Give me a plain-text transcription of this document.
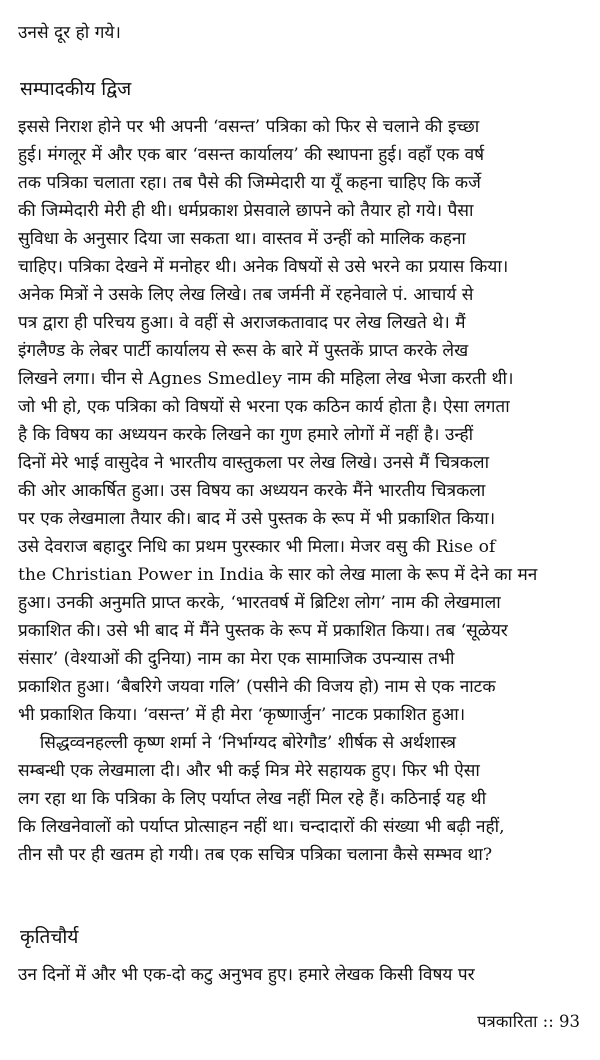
उनसे दूर हो गये।
सम्पादकीय द्विज
इससे निराश होने पर भी अपनी ‘वसन्त’ पत्रिका को फिर से चलाने की इच्छा
हुई। मंगलूर में और एक बार ‘वसन्त कार्यालय’ की स्थापना हुई। वहाँ एक वर्ष
तक पत्रिका चलाता रहा। तब पैसे की जिम्मेदारी या यूँ कहना चाहिए कि कर्जे
की जिम्मेदारी मेरी ही थी। धर्मप्रकाश प्रेसवाले छापने को तैयार हो गये। पैसा
सुविधा के अनुसार दिया जा सकता था। वास्तव में उन्हीं को मालिक कहना
चाहिए। पत्रिका देखने में मनोहर थी। अनेक विषयों से उसे भरने का प्रयास किया।
अनेक मित्रों ने उसके लिए लेख लिखे। तब जर्मनी में रहनेवाले पं. आचार्य से
पत्र द्वारा ही परिचय हुआ। वे वहीं से अराजकतावाद पर लेख लिखते थे। मैं
इंगलैण्ड के लेबर पार्टी कार्यालय से रूस के बारे में पुस्तकें प्राप्त करके लेख
लिखने लगा। चीन से Agnes Smedley नाम की महिला लेख भेजा करती थी।
जो भी हो, एक पत्रिका को विषयों से भरना एक कठिन कार्य होता है। ऐसा लगता
है कि विषय का अध्ययन करके लिखने का गुण हमारे लोगों में नहीं है। उन्हीं
दिनों मेरे भाई वासुदेव ने भारतीय वास्तुकला पर लेख लिखे। उनसे मैं चित्रकला
की ओर आकर्षित हुआ। उस विषय का अध्ययन करके मैंने भारतीय चित्रकला
पर एक लेखमाला तैयार की। बाद में उसे पुस्तक के रूप में भी प्रकाशित किया।
उसे देवराज बहादुर निधि का प्रथम पुरस्कार भी मिला। मेजर वसु की Rise of
the Christian Power in India के सार को लेख माला के रूप में देने का मन
हुआ। उनकी अनुमति प्राप्त करके, ‘भारतवर्ष में ब्रिटिश लोग’ नाम की लेखमाला
प्रकाशित की। उसे भी बाद में मैंने पुस्तक के रूप में प्रकाशित किया। तब ‘सूळेयर
संसार’ (वेश्याओं की दुनिया) नाम का मेरा एक सामाजिक उपन्यास तभी
प्रकाशित हुआ। ‘बैबरिगे जयवा गलि’ (पसीने की विजय हो) नाम से एक नाटक
भी प्रकाशित किया। ‘वसन्त’ में ही मेरा ‘कृष्णार्जुन’ नाटक प्रकाशित हुआ।
सिद्धव्वनहल्ली कृष्ण शर्मा ने ‘निर्भाग्यद बोरेगौड’ शीर्षक से अर्थशास्त्र
सम्बन्धी एक लेखमाला दी। और भी कई मित्र मेरे सहायक हुए। फिर भी ऐसा
लग रहा था कि पत्रिका के लिए पर्याप्त लेख नहीं मिल रहे हैं। कठिनाई यह थी
कि लिखनेवालों को पर्याप्त प्रोत्साहन नहीं था। चन्दादारों की संख्या भी बढ़ी नहीं,
तीन सौ पर ही खतम हो गयी। तब एक सचित्र पत्रिका चलाना कैसे सम्भव था?
कृतिचौर्य
उन दिनों में और भी एक-दो कटु अनुभव हुए। हमारे लेखक किसी विषय पर
पत्रकारिता :: 93
